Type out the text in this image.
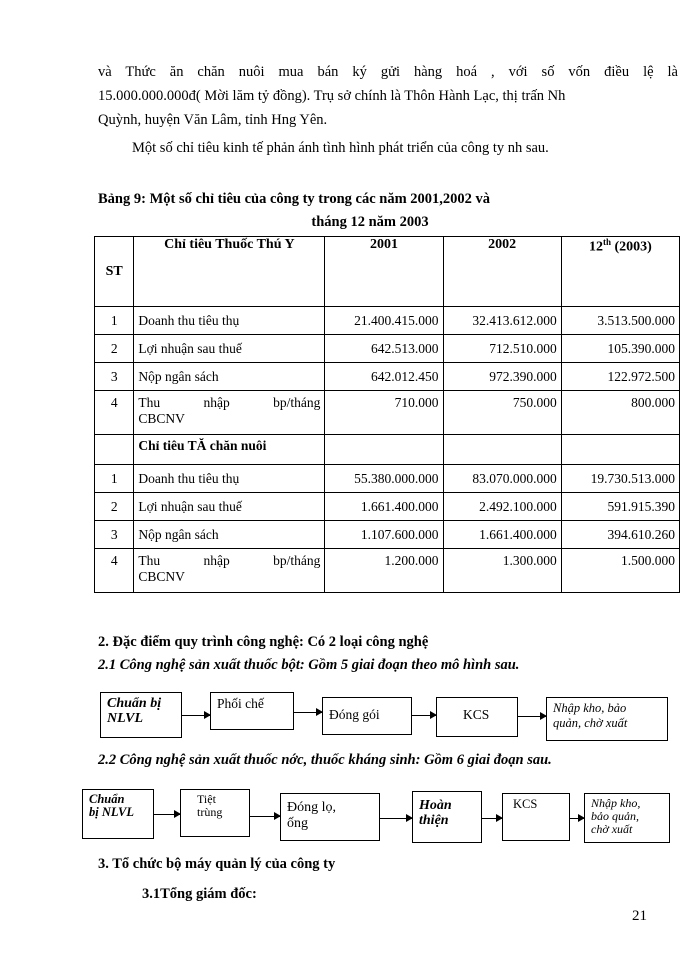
và Thức ăn chăn nuôi mua bán ký gửi hàng hoá , với số vốn điều lệ là
15.000.000.000đ( Mời lăm tỷ đồng). Trụ sở chính là Thôn Hành Lạc, thị trấn Nh
Quỳnh, huyện Văn Lâm, tỉnh Hng Yên.
Một số chỉ tiêu kinh tế phản ánh tình hình phát triển của công ty nh sau.
Bảng 9: Một số chỉ tiêu của công ty trong các năm 2001,2002 và
tháng 12 năm 2003
ST	Chỉ tiêu Thuốc Thú Y	2001	2002	12th (2003)
1	Doanh thu tiêu thụ	21.400.415.000	32.413.612.000	3.513.500.000
2	Lợi nhuận sau thuế	642.513.000	712.510.000	105.390.000
3	Nộp ngân sách	642.012.450	972.390.000	122.972.500
4	Thu nhập bp/tháng
CBCNV	710.000	750.000	800.000
	Chỉ tiêu TĂ chăn nuôi			
1	Doanh thu tiêu thụ	55.380.000.000	83.070.000.000	19.730.513.000
2	Lợi nhuận sau thuế	1.661.400.000	2.492.100.000	591.915.390
3	Nộp ngân sách	1.107.600.000	1.661.400.000	394.610.260
4	Thu nhập bp/tháng
CBCNV	1.200.000	1.300.000	1.500.000
2. Đặc điểm quy trình công nghệ: Có 2 loại công nghệ
2.1 Công nghệ sản xuất thuốc bột: Gồm 5 giai đoạn theo mô hình sau.
Chuẩn bị
NLVL
Phối chế
Đóng gói	KCS	Nhập kho, bảo
quản, chờ xuất
2.2 Công nghệ sản xuất thuốc nớc, thuốc kháng sinh: Gồm 6 giai đoạn sau.
Chuẩn
bị NLVL
Tiệt
trùng	Đóng lọ,
ống
Hoàn
thiện
KCS	Nhập kho,
bảo quản,
chờ xuất
3. Tổ chức bộ máy quản lý của công ty
3.1Tổng giám đốc:
21
